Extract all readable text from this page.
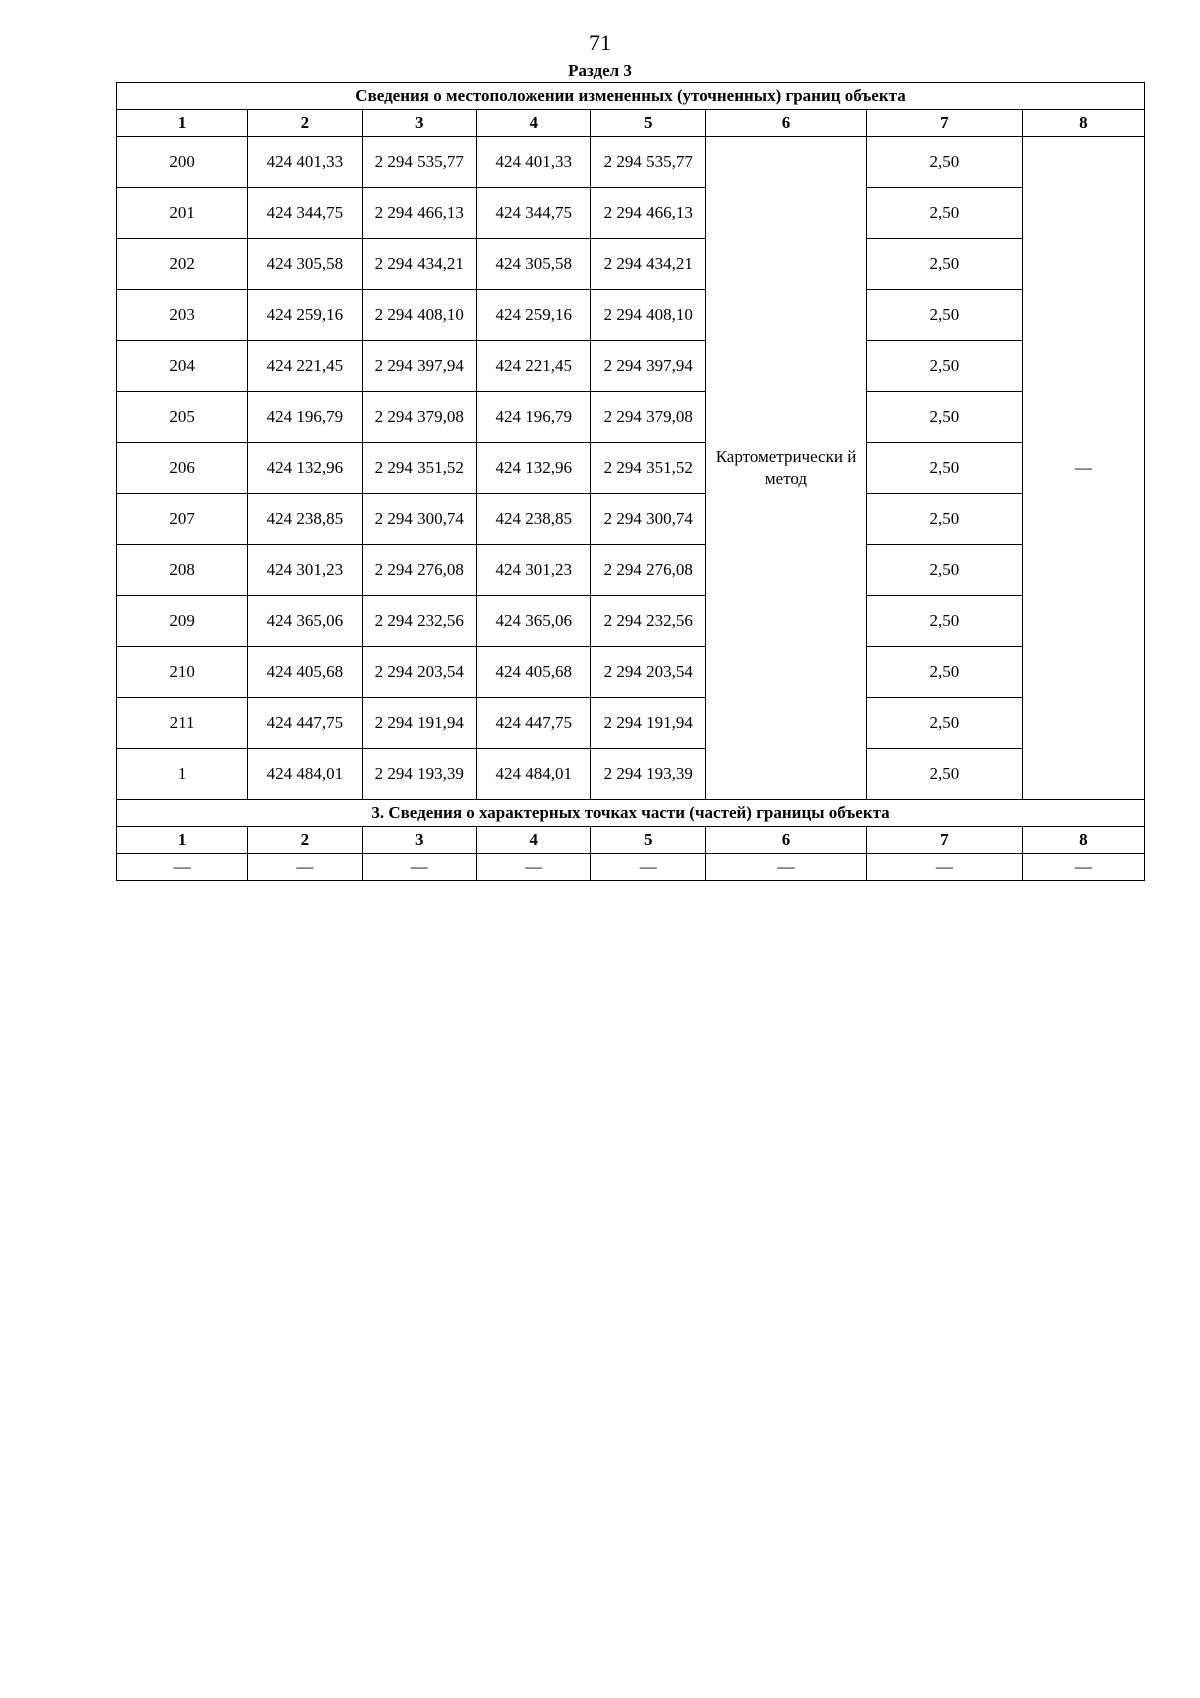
71
Раздел 3
Сведения о местоположении измененных (уточненных) границ объекта							
1	2	3	4	5	6	7	8
200	424 401,33	2 294 535,77	424 401,33	2 294 535,77	Картометрически й метод	2,50	—
201	424 344,75	2 294 466,13	424 344,75	2 294 466,13		2,50	
202	424 305,58	2 294 434,21	424 305,58	2 294 434,21		2,50	
203	424 259,16	2 294 408,10	424 259,16	2 294 408,10		2,50	
204	424 221,45	2 294 397,94	424 221,45	2 294 397,94		2,50	
205	424 196,79	2 294 379,08	424 196,79	2 294 379,08		2,50	
206	424 132,96	2 294 351,52	424 132,96	2 294 351,52		2,50	
207	424 238,85	2 294 300,74	424 238,85	2 294 300,74		2,50	
208	424 301,23	2 294 276,08	424 301,23	2 294 276,08		2,50	
209	424 365,06	2 294 232,56	424 365,06	2 294 232,56		2,50	
210	424 405,68	2 294 203,54	424 405,68	2 294 203,54		2,50	
211	424 447,75	2 294 191,94	424 447,75	2 294 191,94		2,50	
1	424 484,01	2 294 193,39	424 484,01	2 294 193,39		2,50	
3. Сведения о характерных точках части (частей) границы объекта							
1	2	3	4	5	6	7	8
—	—	—	—	—	—	—	—
